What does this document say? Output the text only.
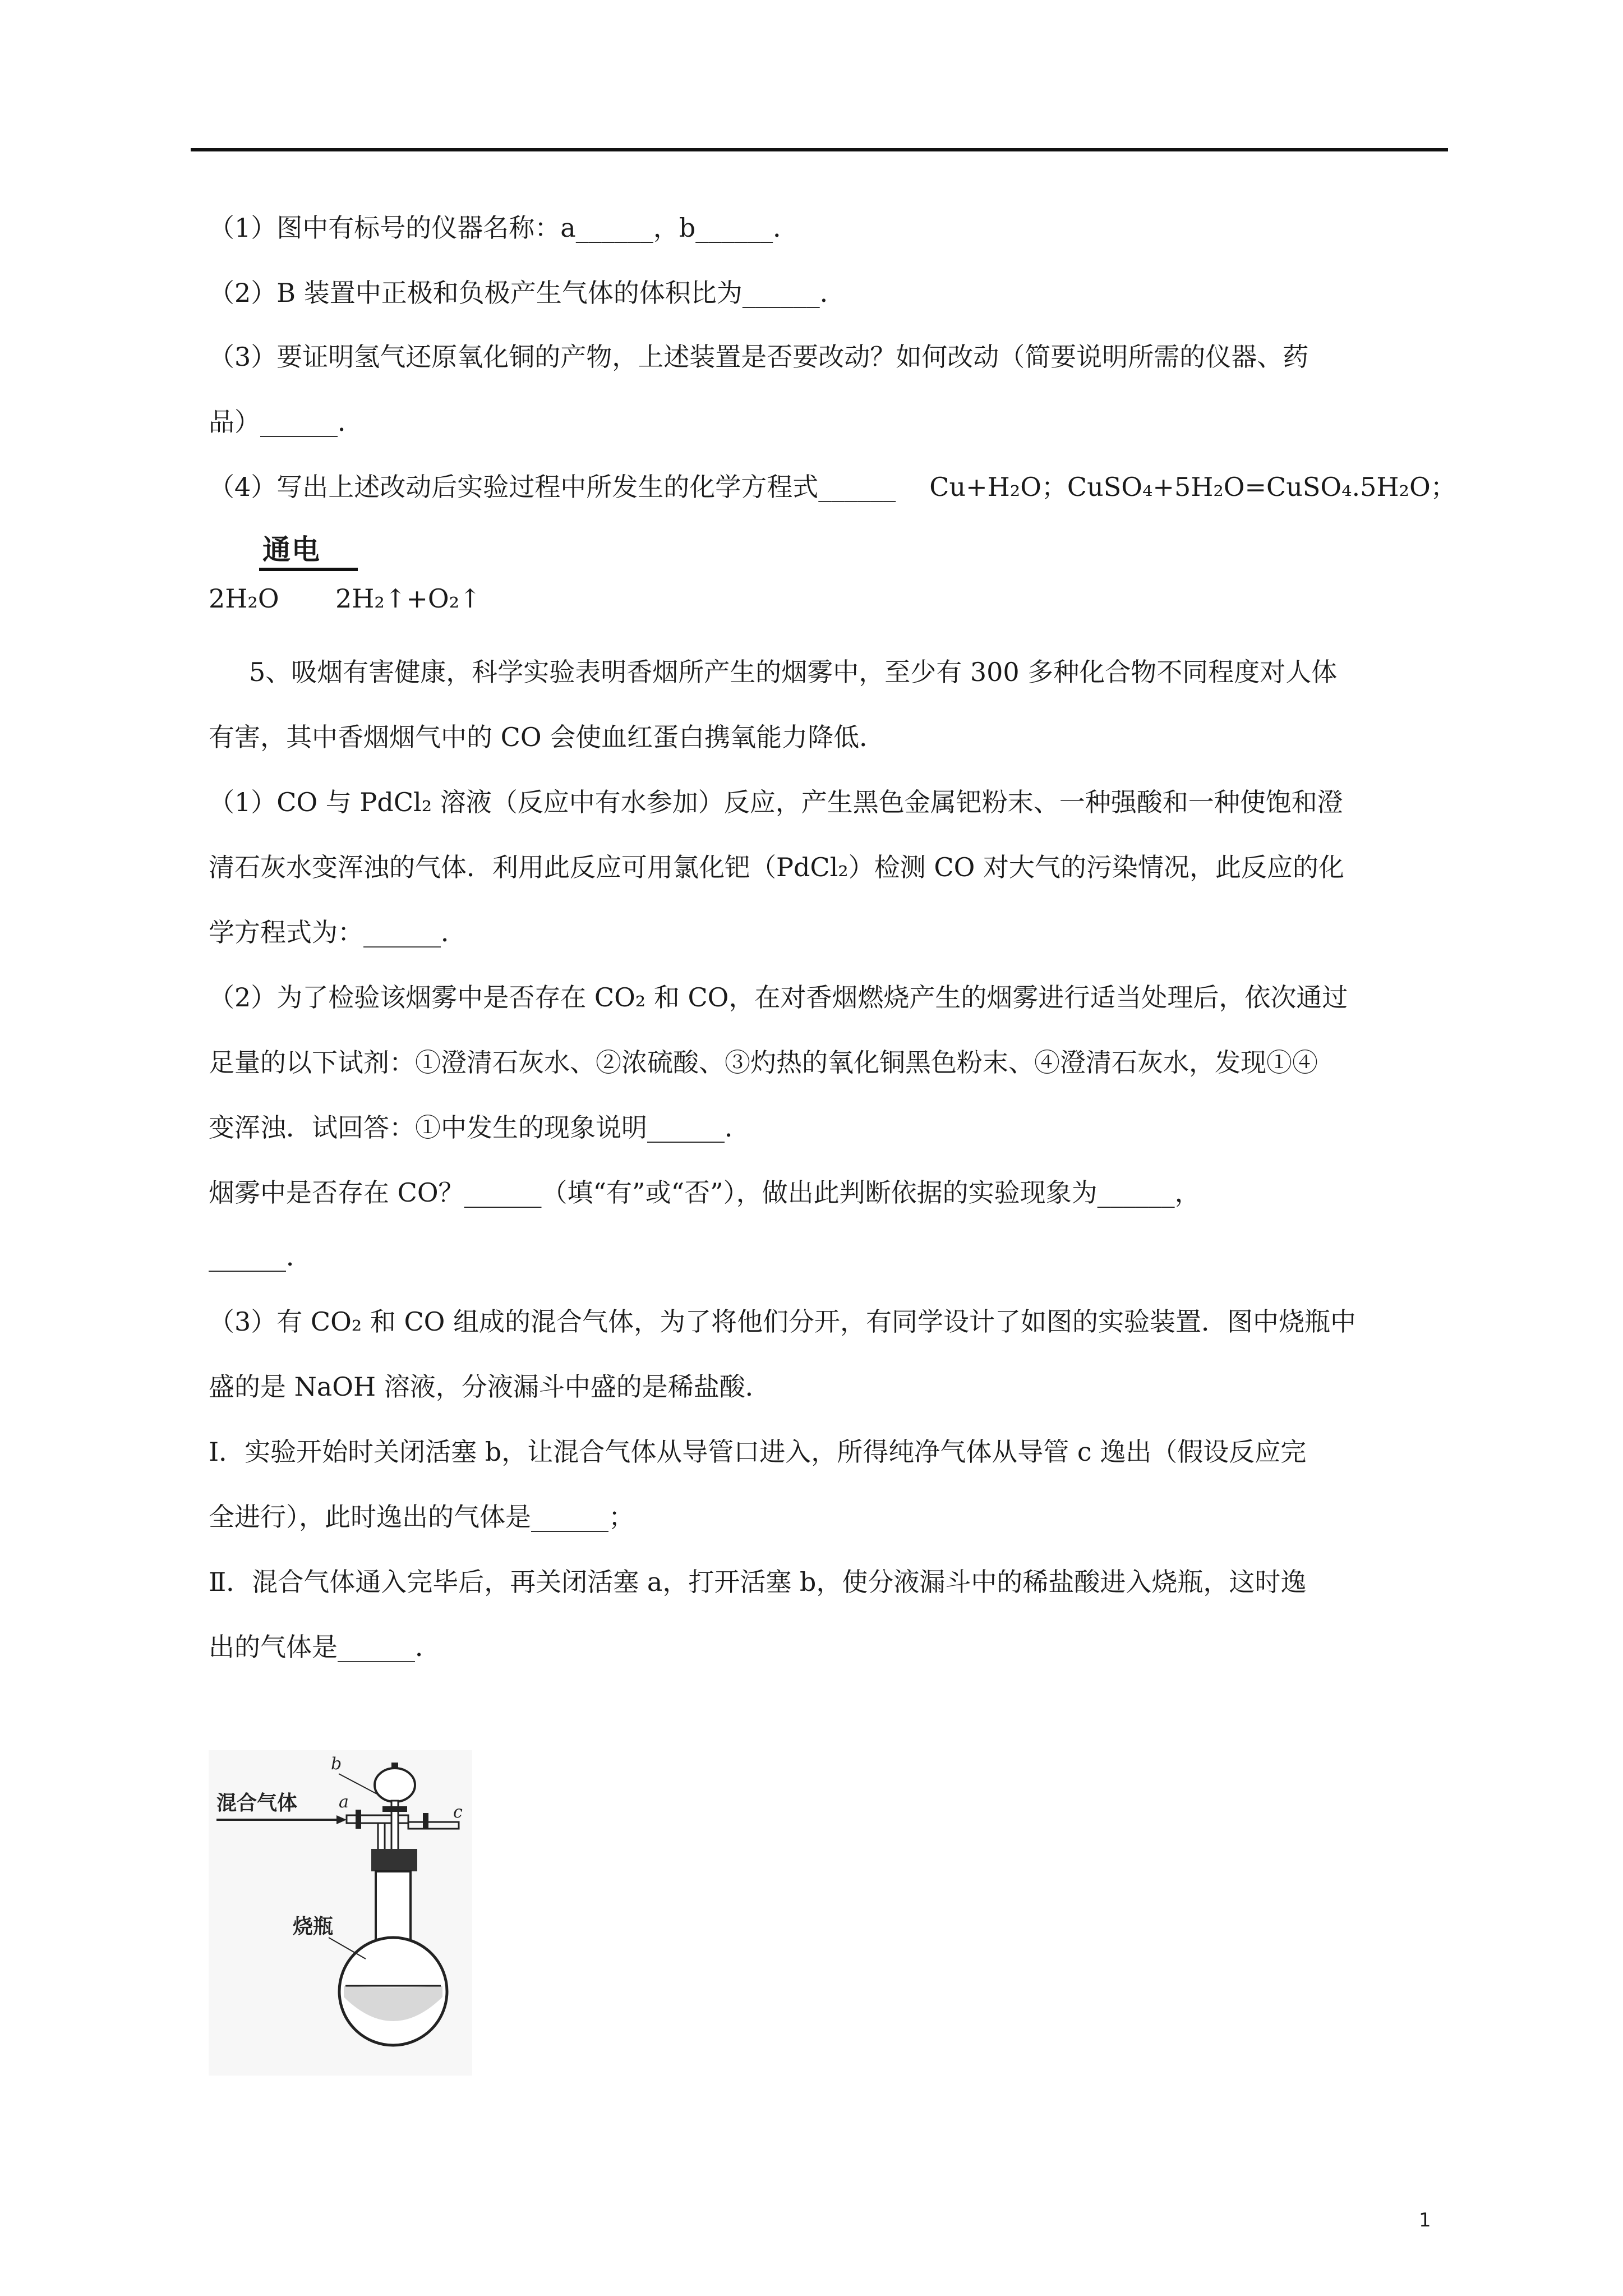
（1）图中有标号的仪器名称：a______，b______．
（2）B 装置中正极和负极产生气体的体积比为______．
（3）要证明氢气还原氧化铜的产物，上述装置是否要改动？如何改动（简要说明所需的仪器、药
品）______．
（4）写出上述改动后实验过程中所发生的化学方程式______ Cu+H₂O；CuSO₄+5H₂O=CuSO₄.5H₂O；
通电
2H₂O 2H₂↑+O₂↑
5、吸烟有害健康，科学实验表明香烟所产生的烟雾中，至少有 300 多种化合物不同程度对人体
有害，其中香烟烟气中的 CO 会使血红蛋白携氧能力降低．
（1）CO 与 PdCl₂ 溶液（反应中有水参加）反应，产生黑色金属钯粉末、一种强酸和一种使饱和澄
清石灰水变浑浊的气体．利用此反应可用氯化钯（PdCl₂）检测 CO 对大气的污染情况，此反应的化
学方程式为：______．
（2）为了检验该烟雾中是否存在 CO₂ 和 CO，在对香烟燃烧产生的烟雾进行适当处理后，依次通过
足量的以下试剂：①澄清石灰水、②浓硫酸、③灼热的氧化铜黑色粉末、④澄清石灰水，发现①④
变浑浊．试回答：①中发生的现象说明______．
烟雾中是否存在 CO？______（填“有”或“否”），做出此判断依据的实验现象为______，
______．
（3）有 CO₂ 和 CO 组成的混合气体，为了将他们分开，有同学设计了如图的实验装置．图中烧瓶中
盛的是 NaOH 溶液，分液漏斗中盛的是稀盐酸．
Ⅰ．实验开始时关闭活塞 b，让混合气体从导管口进入，所得纯净气体从导管 c 逸出（假设反应完
全进行），此时逸出的气体是______；
Ⅱ．混合气体通入完毕后，再关闭活塞 a，打开活塞 b，使分液漏斗中的稀盐酸进入烧瓶，这时逸
出的气体是______．
混合气体 a
b
c
烧瓶
1
